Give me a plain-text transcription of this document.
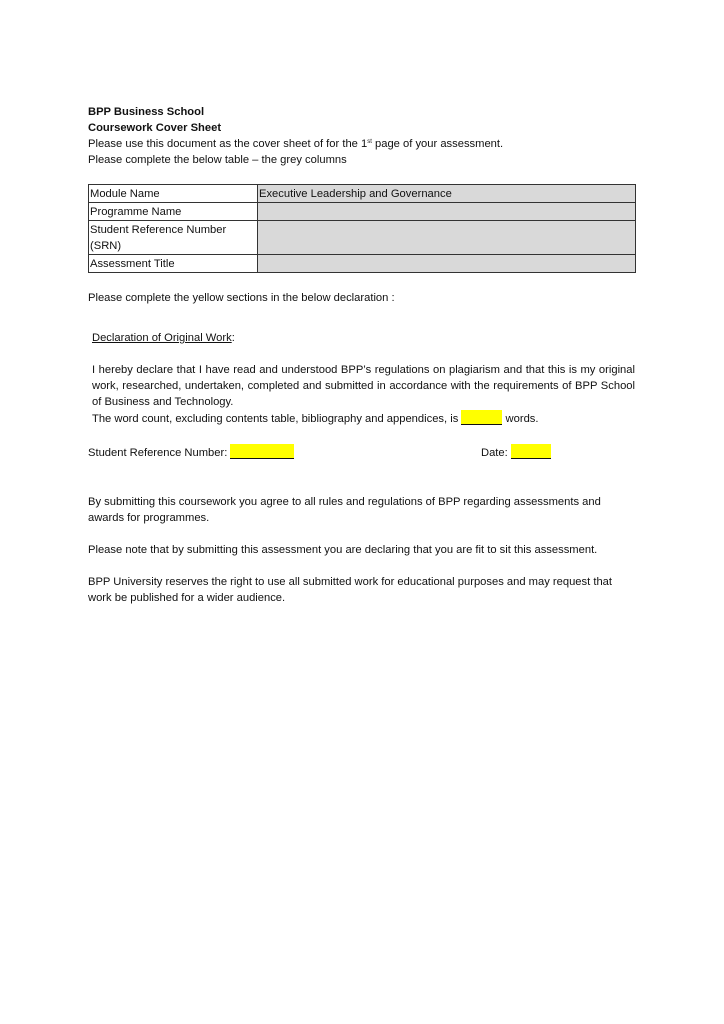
BPP Business School
Coursework Cover Sheet
Please use this document as the cover sheet of for the 1st page of your assessment.
Please complete the below table – the grey columns
Module Name	Executive Leadership and Governance
Programme Name	
Student Reference Number (SRN)	
Assessment Title	
Please complete the yellow sections in the below declaration :
Declaration of Original Work:
I hereby declare that I have read and understood BPP’s regulations on plagiarism and that this is my original work, researched, undertaken, completed and submitted in accordance with the requirements of BPP School of Business and Technology.
The word count, excluding contents table, bibliography and appendices, is	words.
Student Reference Number:	Date:
By submitting this coursework you agree to all rules and regulations of BPP regarding assessments and awards for programmes.
Please note that by submitting this assessment you are declaring that you are fit to sit this assessment.
BPP University reserves the right to use all submitted work for educational purposes and may request that work be published for a wider audience.
